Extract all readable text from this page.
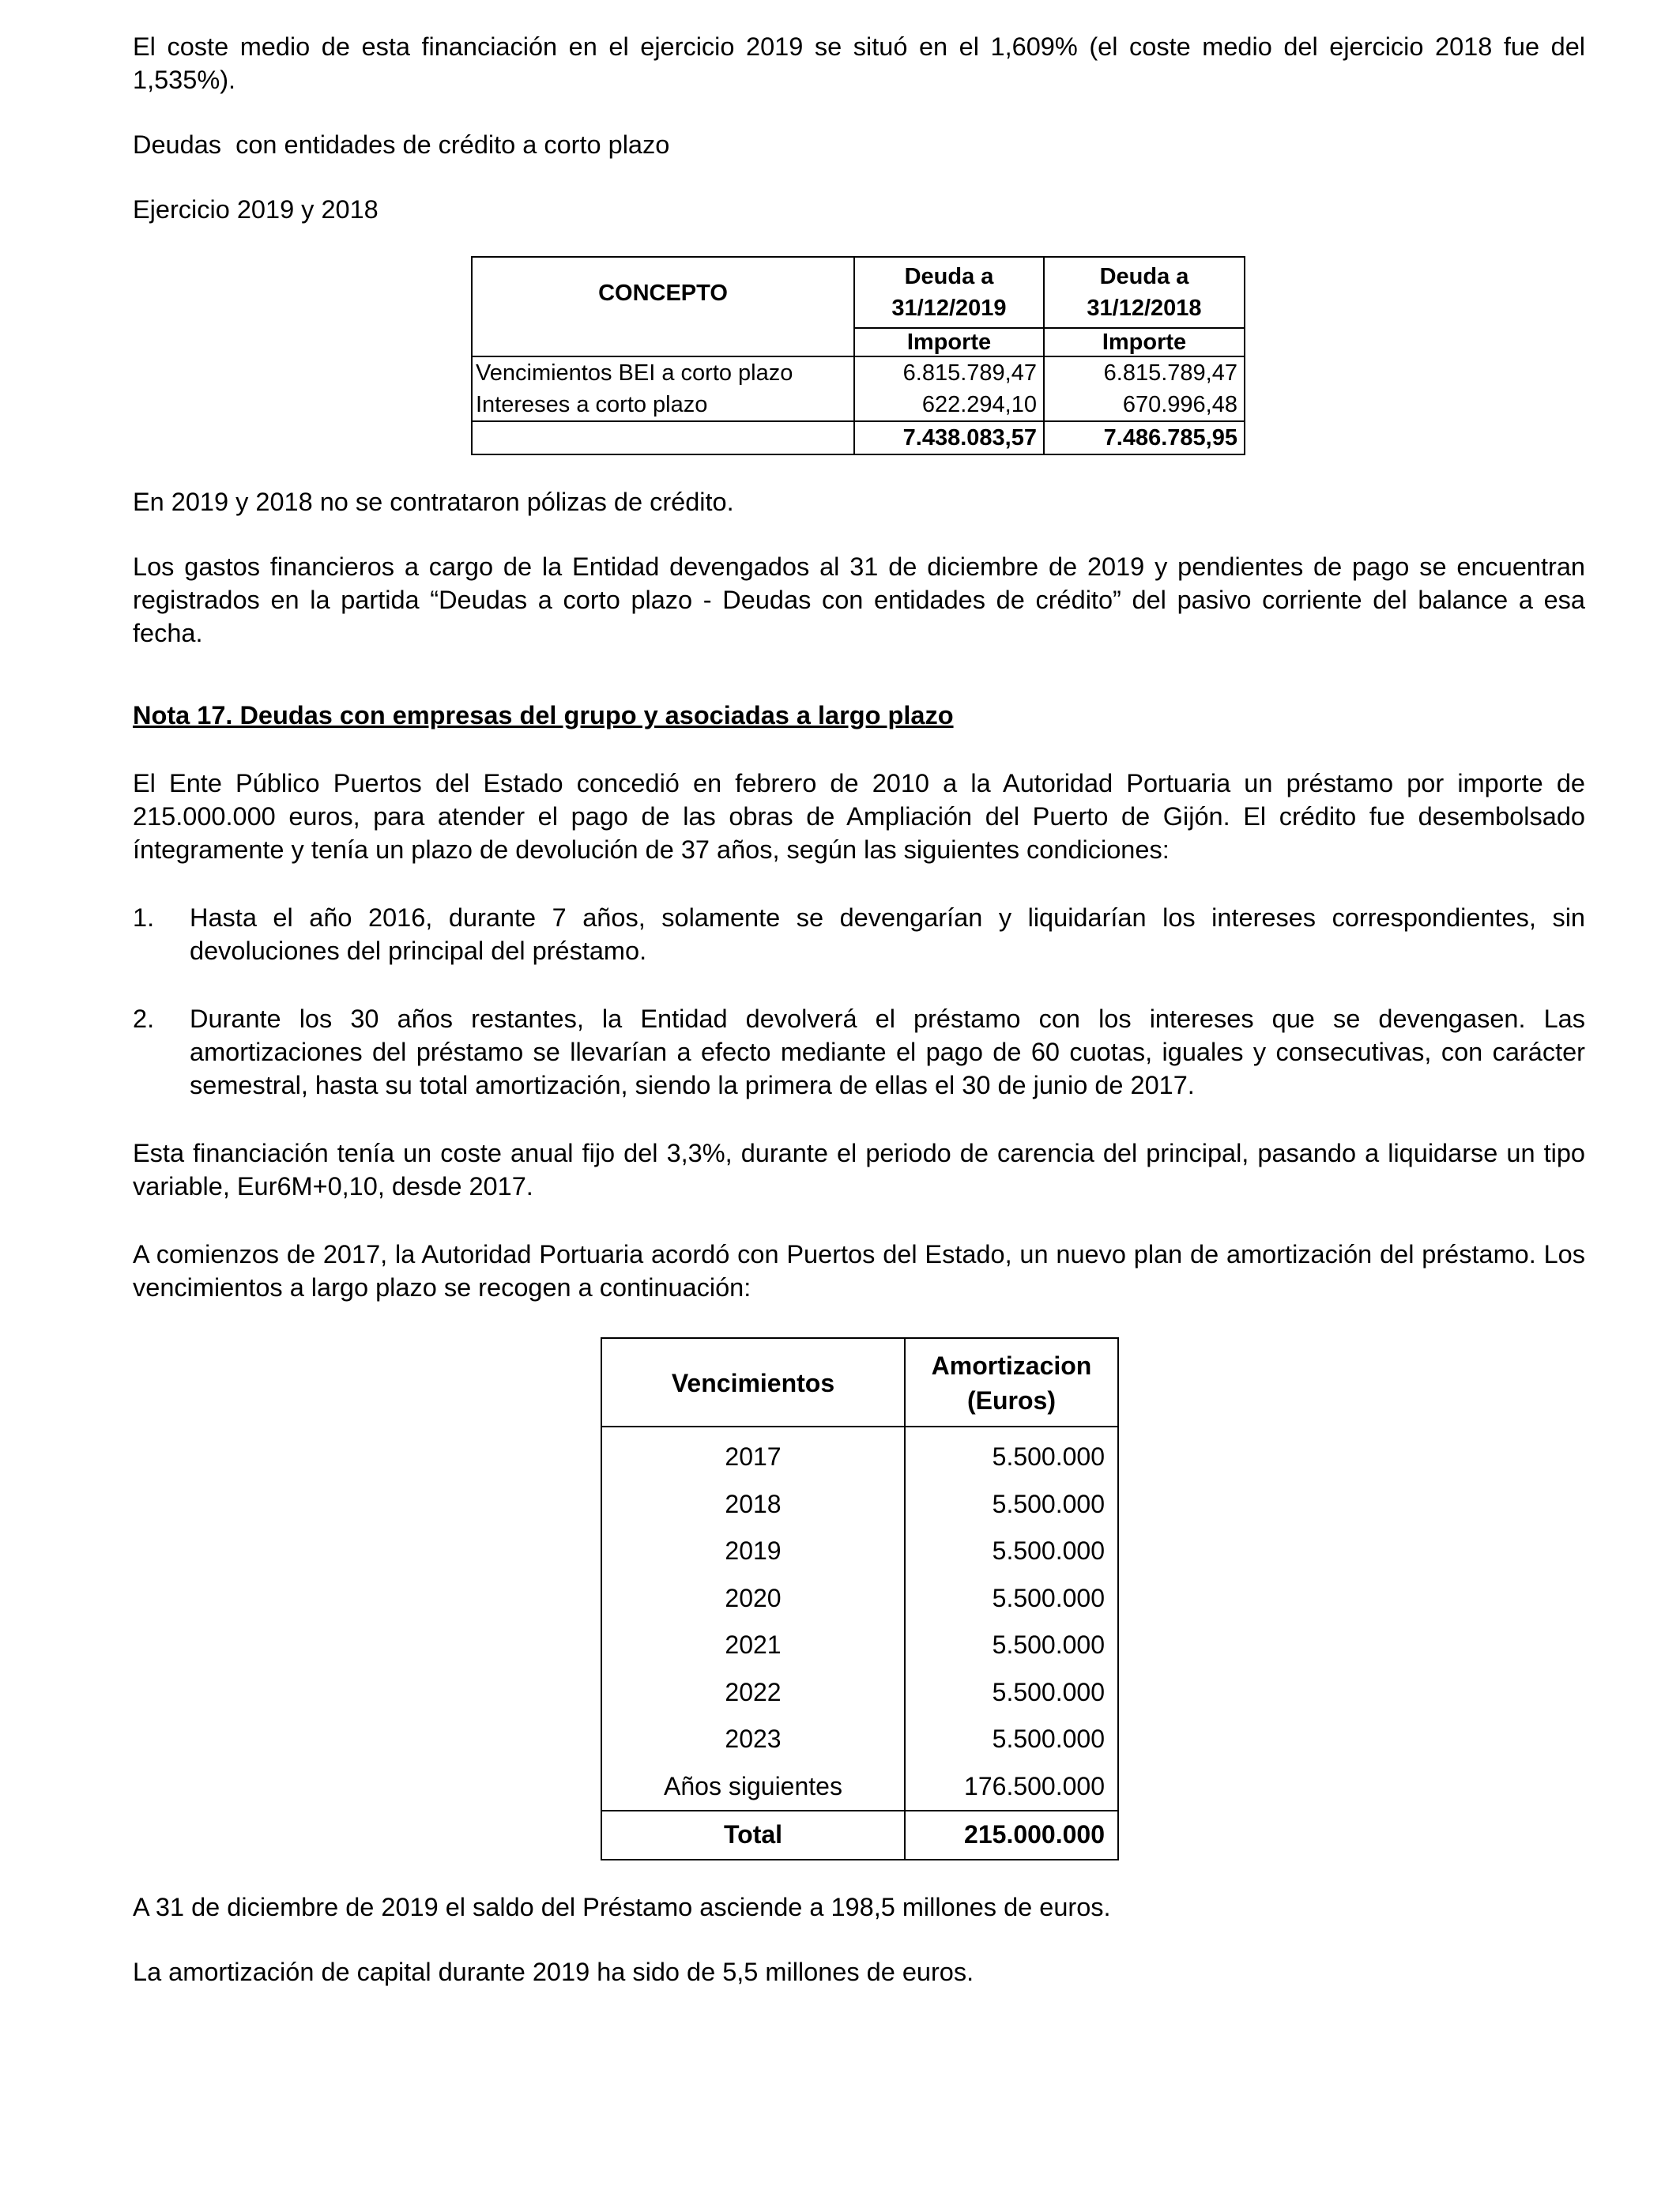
El coste medio de esta financiación en el ejercicio 2019 se situó en el 1,609% (el coste medio del ejercicio 2018 fue del 1,535%).

Deudas  con entidades de crédito a corto plazo

Ejercicio 2019 y 2018

CONCEPTO	Deuda a	Deuda a
	31/12/2019	31/12/2018
	Importe	Importe
Vencimientos BEI a corto plazo	6.815.789,47	6.815.789,47
Intereses a corto plazo	622.294,10	670.996,48
	7.438.083,57	7.486.785,95

En 2019 y 2018 no se contrataron pólizas de crédito.

Los gastos financieros a cargo de la Entidad devengados al 31 de diciembre de 2019 y pendientes de pago se encuentran registrados en la partida “Deudas a corto plazo - Deudas con entidades de crédito” del pasivo corriente del balance a esa fecha.

Nota 17. Deudas con empresas del grupo y asociadas a largo plazo

El Ente Público Puertos del Estado concedió en febrero de 2010 a la Autoridad Portuaria un préstamo por importe de 215.000.000 euros, para atender el pago de las obras de Ampliación del Puerto de Gijón. El crédito fue desembolsado íntegramente y tenía un plazo de devolución de 37 años, según las siguientes condiciones:

1. Hasta el año 2016, durante 7 años, solamente se devengarían y liquidarían los intereses correspondientes, sin devoluciones del principal del préstamo.
2. Durante los 30 años restantes, la Entidad devolverá el préstamo con los intereses que se devengasen. Las amortizaciones del préstamo se llevarían a efecto mediante el pago de 60 cuotas, iguales y consecutivas, con carácter semestral, hasta su total amortización, siendo la primera de ellas el 30 de junio de 2017.

Esta financiación tenía un coste anual fijo del 3,3%, durante el periodo de carencia del principal, pasando a liquidarse un tipo variable, Eur6M+0,10, desde 2017.

A comienzos de 2017, la Autoridad Portuaria acordó con Puertos del Estado, un nuevo plan de amortización del préstamo. Los vencimientos a largo plazo se recogen a continuación:

Vencimientos	Amortizacion
(Euros)
2017	5.500.000
2018	5.500.000
2019	5.500.000
2020	5.500.000
2021	5.500.000
2022	5.500.000
2023	5.500.000
Años siguientes	176.500.000
Total	215.000.000

A 31 de diciembre de 2019 el saldo del Préstamo asciende a 198,5 millones de euros.

La amortización de capital durante 2019 ha sido de 5,5 millones de euros.
